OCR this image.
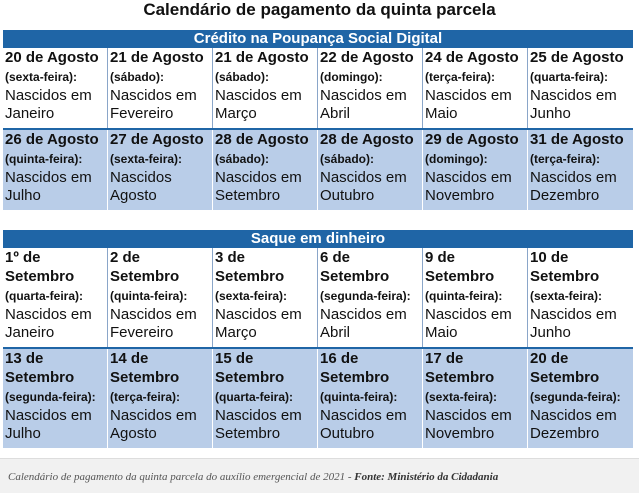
Calendário de pagamento da quinta parcela
Crédito na Poupança Social Digital
20 de Agosto
(sexta-feira):
Nascidos em Janeiro
21 de Agosto
(sábado):
Nascidos em Fevereiro
21 de Agosto
(sábado):
Nascidos em Março
22 de Agosto
(domingo):
Nascidos em Abril
24 de Agosto
(terça-feira):
Nascidos em Maio
25 de Agosto
(quarta-feira):
Nascidos em Junho
26 de Agosto
(quinta-feira):
Nascidos em Julho
27 de Agosto
(sexta-feira):
Nascidos Agosto
28 de Agosto
(sábado):
Nascidos em Setembro
28 de Agosto
(sábado):
Nascidos em Outubro
29 de Agosto
(domingo):
Nascidos em Novembro
31 de Agosto
(terça-feira):
Nascidos em Dezembro
Saque em dinheiro
1º de Setembro
(quarta-feira):
Nascidos em Janeiro
2 de Setembro
(quinta-feira):
Nascidos em Fevereiro
3 de Setembro
(sexta-feira):
Nascidos em Março
6 de Setembro
(segunda-feira):
Nascidos em Abril
9 de Setembro
(quinta-feira):
Nascidos em Maio
10 de Setembro
(sexta-feira):
Nascidos em Junho
13 de Setembro
(segunda-feira):
Nascidos em Julho
14 de Setembro
(terça-feira):
Nascidos em Agosto
15 de Setembro
(quarta-feira):
Nascidos em Setembro
16 de Setembro
(quinta-feira):
Nascidos em Outubro
17 de Setembro
(sexta-feira):
Nascidos em Novembro
20 de Setembro
(segunda-feira):
Nascidos em Dezembro
Calendário de pagamento da quinta parcela do auxílio emergencial de 2021 - Fonte: Ministério da Cidadania
